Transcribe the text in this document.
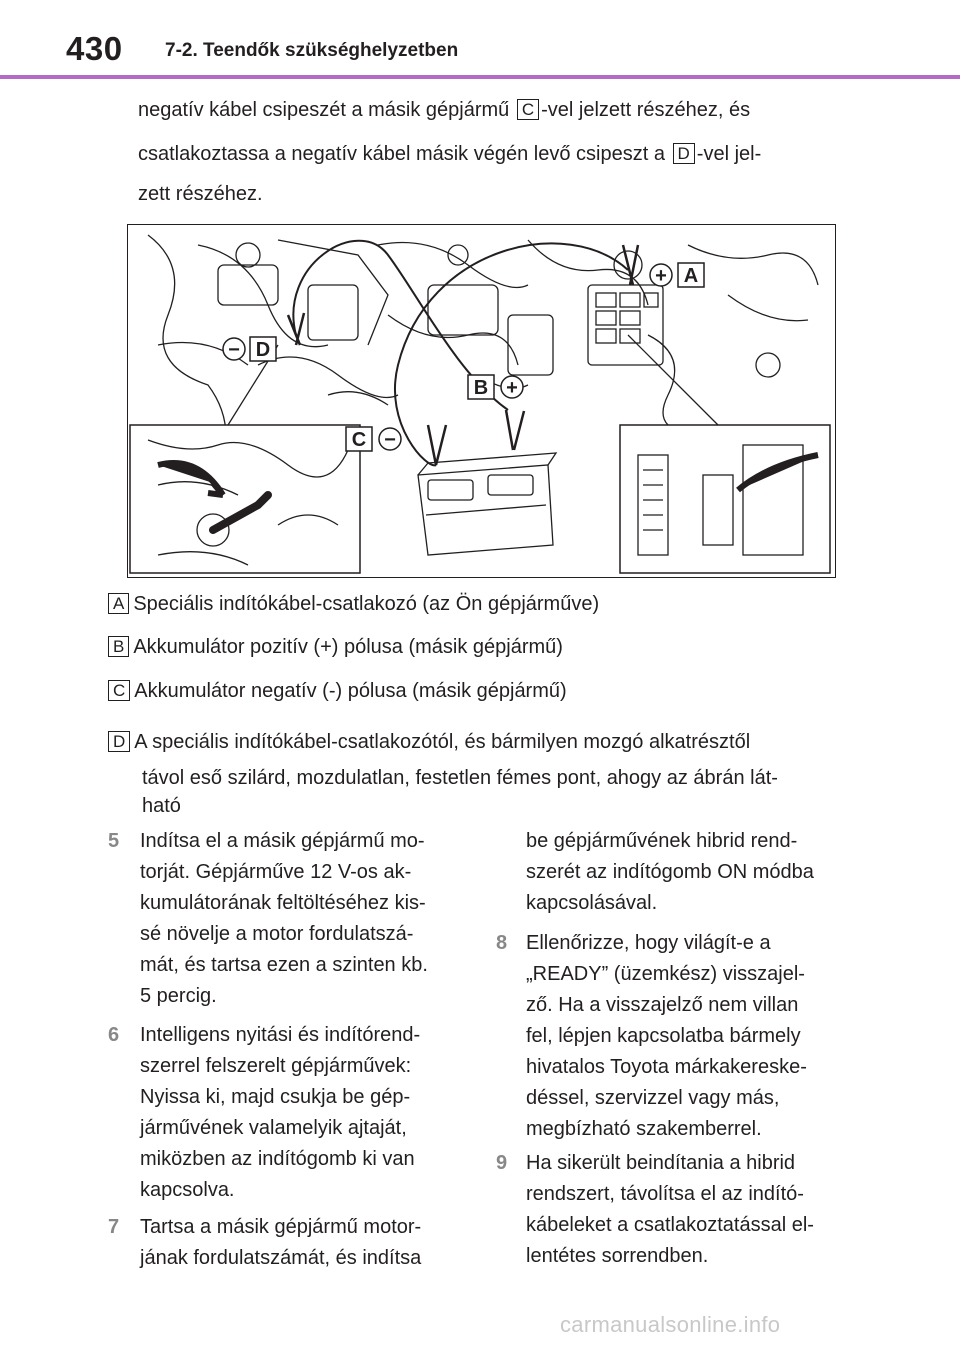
430 7-2. Teendők szükséghelyzetben
negatív kábel csipeszét a másik gépjármű C -vel jelzett részéhez, és
csatlakoztassa a negatív kábel másik végén levő csipeszt a D -vel jel-
zett részéhez.
+ A
− D
B +
C −
A Speciális indítókábel-csatlakozó (az Ön gépjárműve)
B Akkumulátor pozitív (+) pólusa (másik gépjármű)
C Akkumulátor negatív (-) pólusa (másik gépjármű)
D A speciális indítókábel-csatlakozótól, és bármilyen mozgó alkatrésztől
távol eső szilárd, mozdulatlan, festetlen fémes pont, ahogy az ábrán lát-
ható
5 Indítsa el a másik gépjármű mo-
torját. Gépjárműve 12 V-os ak-
kumulátorának feltöltéséhez kis-
sé növelje a motor fordulatszá-
mát, és tartsa ezen a szinten kb.
5 percig.
6 Intelligens nyitási és indítórend-
szerrel felszerelt gépjárművek:
Nyissa ki, majd csukja be gép-
járművének valamelyik ajtaját,
miközben az indítógomb ki van
kapcsolva.
7 Tartsa a másik gépjármű motor-
jának fordulatszámát, és indítsa
be gépjárművének hibrid rend-
szerét az indítógomb ON módba
kapcsolásával.
8 Ellenőrizze, hogy világít-e a
„READY” (üzemkész) visszajel-
ző. Ha a visszajelző nem villan
fel, lépjen kapcsolatba bármely
hivatalos Toyota márkakereske-
déssel, szervizzel vagy más,
megbízható szakemberrel.
9 Ha sikerült beindítania a hibrid
rendszert, távolítsa el az indító-
kábeleket a csatlakoztatással el-
lentétes sorrendben.
carmanualsonline.info
